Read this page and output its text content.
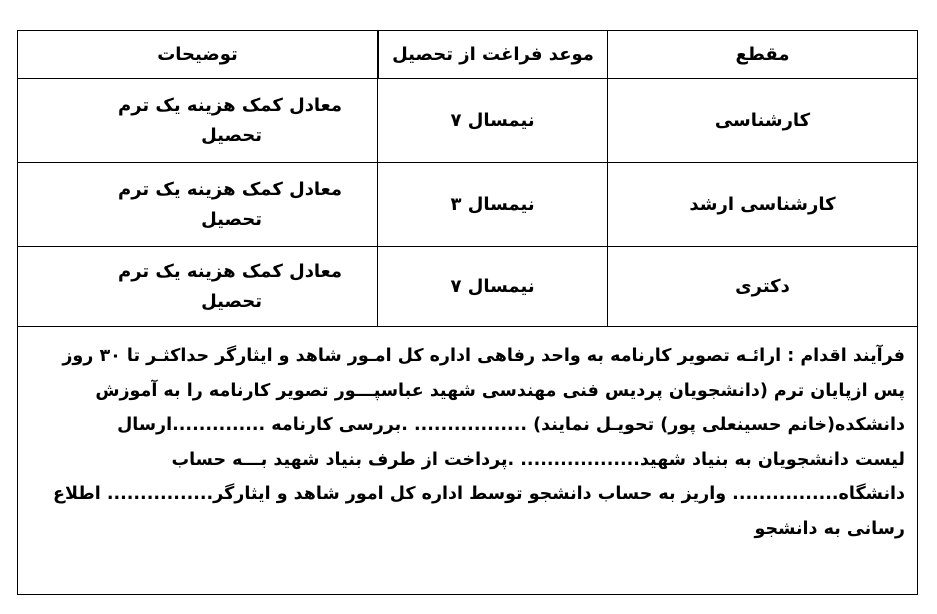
مقطع
موعد فراغت از تحصیل
توضیحات
کارشناسی
نیمسال ۷
معادل کمک هزینه یک ترم
تحصیل
کارشناسی ارشد
نیمسال ۳
معادل کمک هزینه یک ترم
تحصیل
دکتری
نیمسال ۷
معادل کمک هزینه یک ترم
تحصیل
فرآیند اقدام : ارائـه تصویر کارنامه به واحد رفاهی اداره کل امـور شاهد و ایثارگر حداکثـر تا ۳۰ روز
پس ازپایان ترم (دانشجویان پردیس فنی مهندسی شهید عباسپـــور تصویر کارنامه را به آموزش
دانشکده(خانم حسینعلی پور) تحویـل نمایند) ................. .بررسی کارنامه ..............ارسال
لیست دانشجویان به بنیاد شهید.................. .پرداخت از طرف بنیاد شهید بـــه حساب
دانشگاه................ واریز به حساب دانشجو توسط اداره کل امور شاهد و ایثارگر................ اطلاع
رسانی به دانشجو
